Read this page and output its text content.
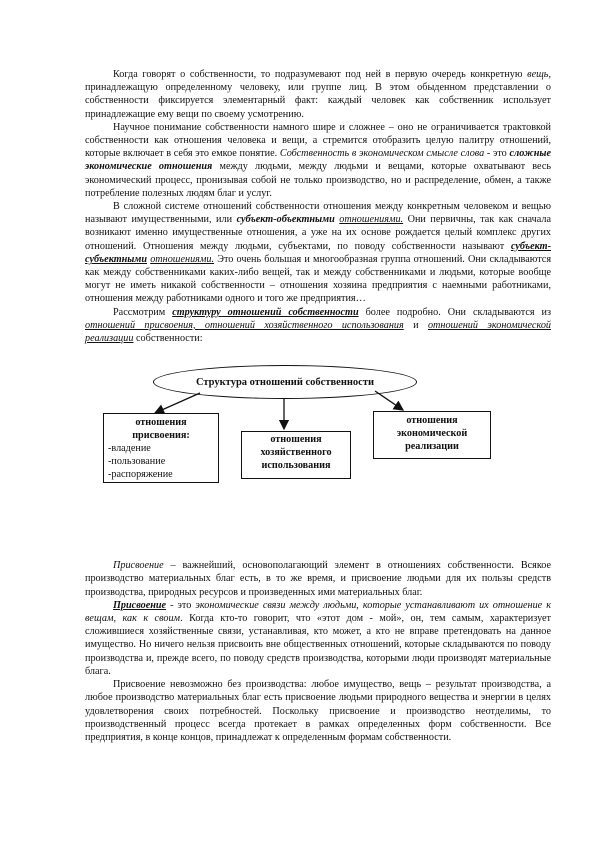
Когда говорят о собственности, то подразумевают под ней в первую очередь конкретную вещь, принадлежащую определенному человеку, или группе лиц. В этом обыденном представлении о собственности фиксируется элементарный факт: каждый человек как собственник использует принадлежащие ему вещи по своему усмотрению.

Научное понимание собственности намного шире и сложнее – оно не ограничивается трактовкой собственности как отношения человека и вещи, а стремится отобразить целую палитру отношений, которые включает в себя это емкое понятие. Собственность в экономическом смысле слова - это сложные экономические отношения между людьми, между людьми и вещами, которые охватывают весь экономический процесс, пронизывая собой не только производство, но и распределение, обмен, а также потребление полезных людям благ и услуг.

В сложной системе отношений собственности отношения между конкретным человеком и вещью называют имущественными, или субъект-объектными отношениями. Они первичны, так как сначала возникают именно имущественные отношения, а уже на их основе рождается целый комплекс других отношений. Отношения между людьми, субъектами, по поводу собственности называют субъект-субъектными отношениями. Это очень большая и многообразная группа отношений. Они складываются как между собственниками каких-либо вещей, так и между собственниками и людьми, которые вообще могут не иметь никакой собственности – отношения хозяина предприятия с наемными работниками, отношения между работниками одного и того же предприятия…

Рассмотрим структуру отношений собственности более подробно. Они складываются из отношений присвоения, отношений хозяйственного использования и отношений экономической реализации собственности:

Структура отношений собственности
отношения
присвоения:
-владение
-пользование
-распоряжение
отношения
хозяйственного
использования
отношения
экономической
реализации

Присвоение – важнейший, основополагающий элемент в отношениях собственности. Всякое производство материальных благ есть, в то же время, и присвоение людьми для их пользы средств производства, природных ресурсов и произведенных ими материальных благ.

Присвоение - это экономические связи между людьми, которые устанавливают их отношение к вещам, как к своим. Когда кто-то говорит, что «этот дом - мой», он, тем самым, характеризует сложившиеся хозяйственные связи, устанавливая, кто может, а кто не вправе претендовать на данное имущество. Но ничего нельзя присвоить вне общественных отношений, которые складываются по поводу производства и, прежде всего, по поводу средств производства, которыми люди производят материальные блага.

Присвоение невозможно без производства: любое имущество, вещь – результат производства, а любое производство материальных благ есть присвоение людьми природного вещества и энергии в целях удовлетворения своих потребностей. Поскольку присвоение и производство неотделимы, то производственный процесс всегда протекает в рамках определенных форм собственности. Все предприятия, в конце концов, принадлежат к определенным формам собственности.
